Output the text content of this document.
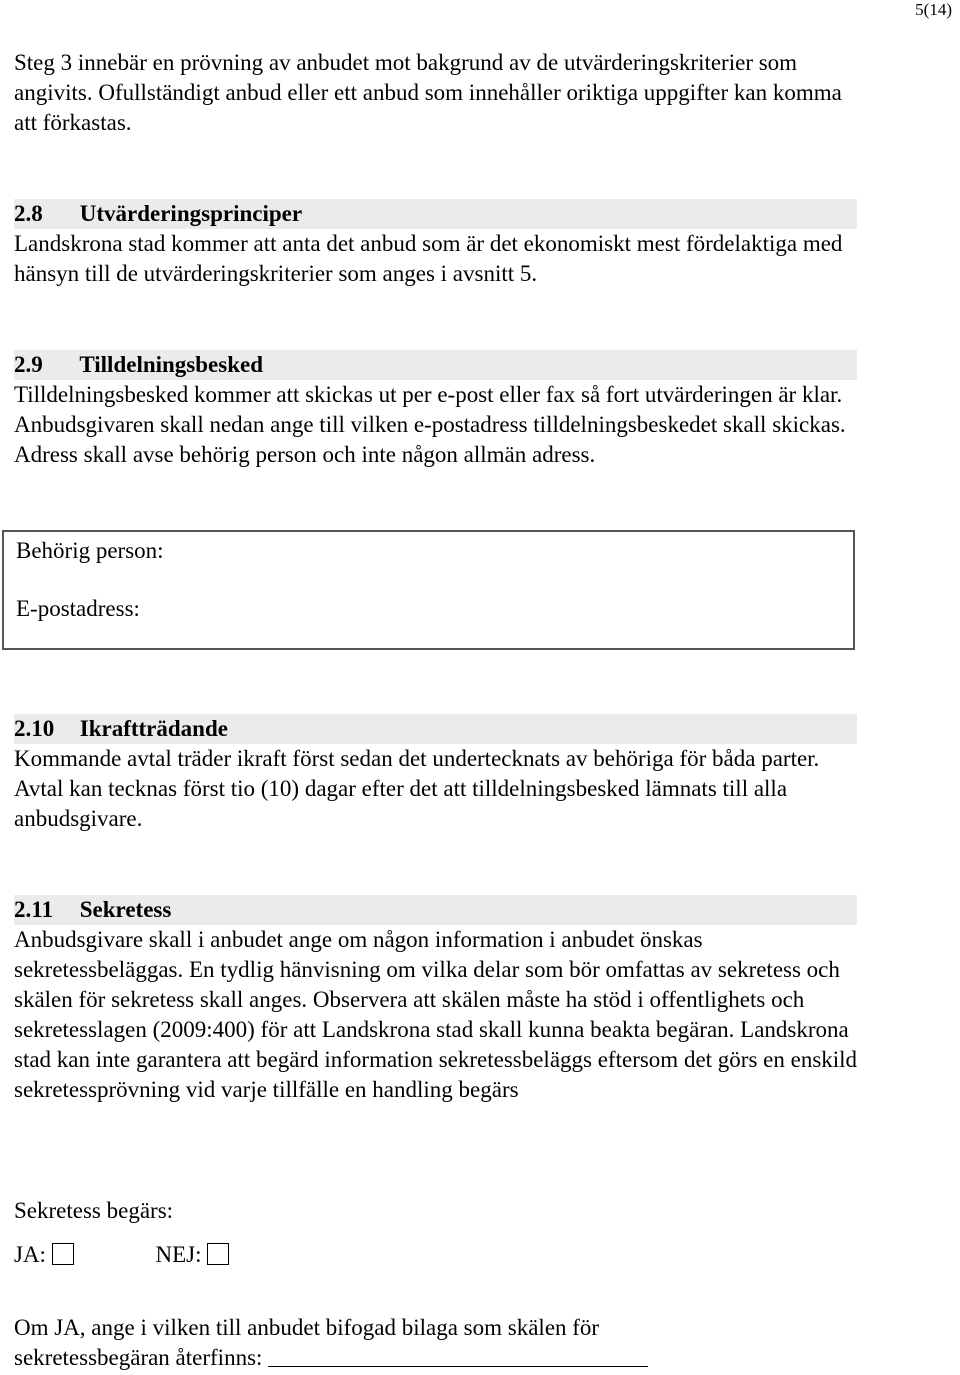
5(14)

Steg 3 innebär en prövning av anbudet mot bakgrund av de utvärderingskriterier som angivits. Ofullständigt anbud eller ett anbud som innehåller oriktiga uppgifter kan komma att förkastas.

2.8 Utvärderingsprinciper

Landskrona stad kommer att anta det anbud som är det ekonomiskt mest fördelaktiga med hänsyn till de utvärderingskriterier som anges i avsnitt 5.

2.9 Tilldelningsbesked

Tilldelningsbesked kommer att skickas ut per e-post eller fax så fort utvärderingen är klar. Anbudsgivaren skall nedan ange till vilken e-postadress tilldelningsbeskedet skall skickas. Adress skall avse behörig person och inte någon allmän adress.

Behörig person:
E-postadress:
2.10 Ikraftträdande

Kommande avtal träder ikraft först sedan det undertecknats av behöriga för båda parter. Avtal kan tecknas först tio (10) dagar efter det att tilldelningsbesked lämnats till alla anbudsgivare.

2.11 Sekretess

Anbudsgivare skall i anbudet ange om någon information i anbudet önskas sekretessbeläggas. En tydlig hänvisning om vilka delar som bör omfattas av sekretess och skälen för sekretess skall anges. Observera att skälen måste ha stöd i offentlighets och sekretesslagen (2009:400) för att Landskrona stad skall kunna beakta begäran. Landskrona stad kan inte garantera att begärd information sekretessbeläggs eftersom det görs en enskild sekretessprövning vid varje tillfälle en handling begärs

Sekretess begärs:

JA:	NEJ:

Om JA, ange i vilken till anbudet bifogad bilaga som skälen för

sekretessbegäran återfinns:
